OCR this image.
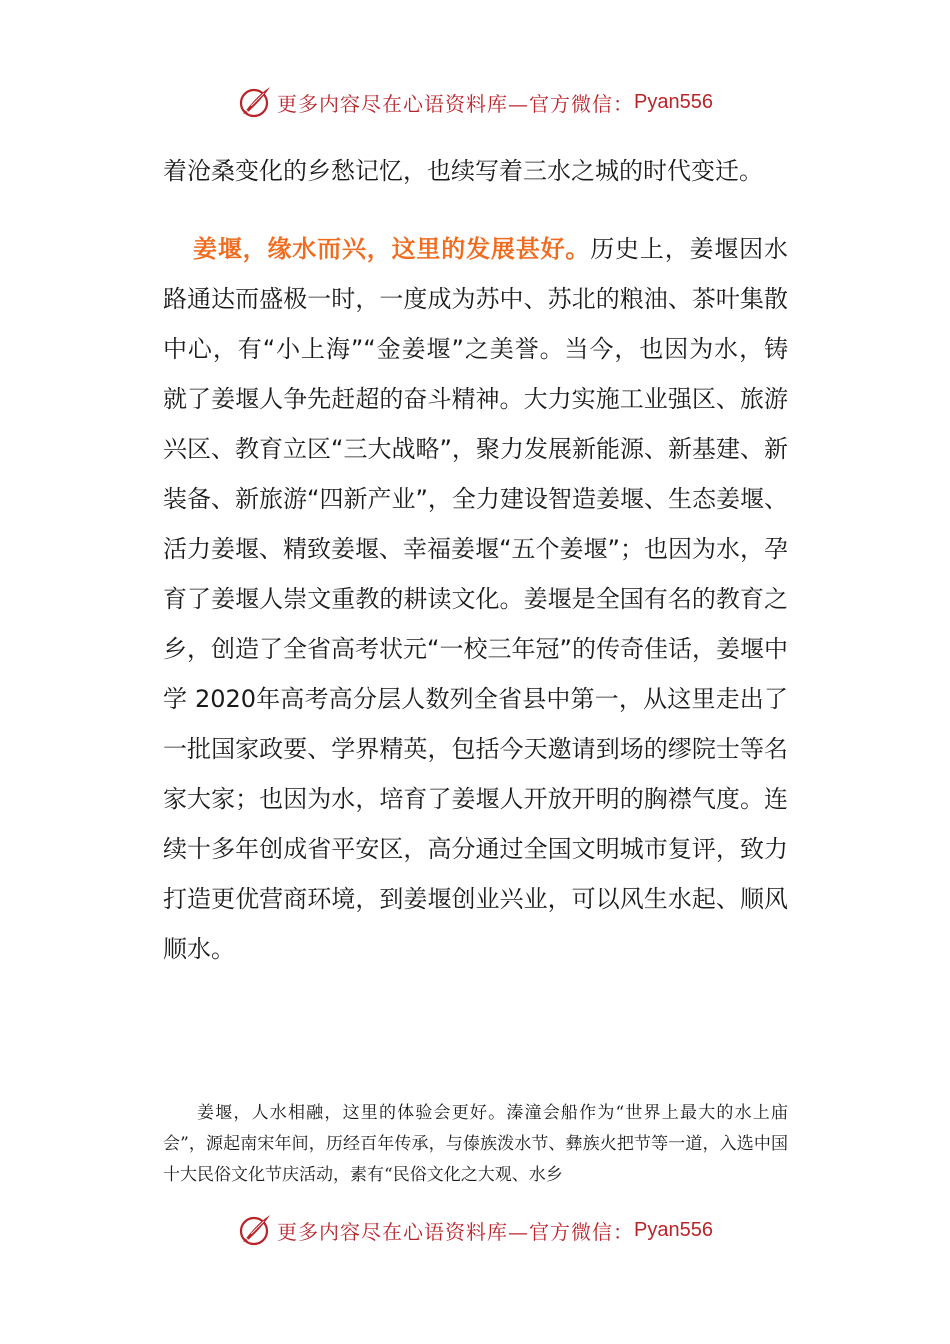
更多内容尽在心语资料库—官方微信： Pyan556

着沧桑变化的乡愁记忆，也续写着三水之城的时代变迁。

姜堰，缘水而兴，这里的发展甚好。历史上，姜堰因水路通达而盛极一时，一度成为苏中、苏北的粮油、茶叶集散中心，有“小上海”“金姜堰”之美誉。当今，也因为水，铸就了姜堰人争先赶超的奋斗精神。大力实施工业强区、旅游兴区、教育立区“三大战略”，聚力发展新能源、新基建、新装备、新旅游“四新产业”，全力建设智造姜堰、生态姜堰、活力姜堰、精致姜堰、幸福姜堰“五个姜堰”；也因为水，孕育了姜堰人崇文重教的耕读文化。姜堰是全国有名的教育之乡，创造了全省高考状元“一校三年冠”的传奇佳话，姜堰中学 2020年高考高分层人数列全省县中第一，从这里走出了一批国家政要、学界精英，包括今天邀请到场的缪院士等名家大家；也因为水，培育了姜堰人开放开明的胸襟气度。连续十多年创成省平安区，高分通过全国文明城市复评，致力打造更优营商环境，到姜堰创业兴业，可以风生水起、顺风顺水。

姜堰，人水相融，这里的体验会更好。溱潼会船作为“世界上最大的水上庙会”，源起南宋年间，历经百年传承，与傣族泼水节、彝族火把节等一道，入选中国十大民俗文化节庆活动，素有“民俗文化之大观、水乡

更多内容尽在心语资料库—官方微信： Pyan556
